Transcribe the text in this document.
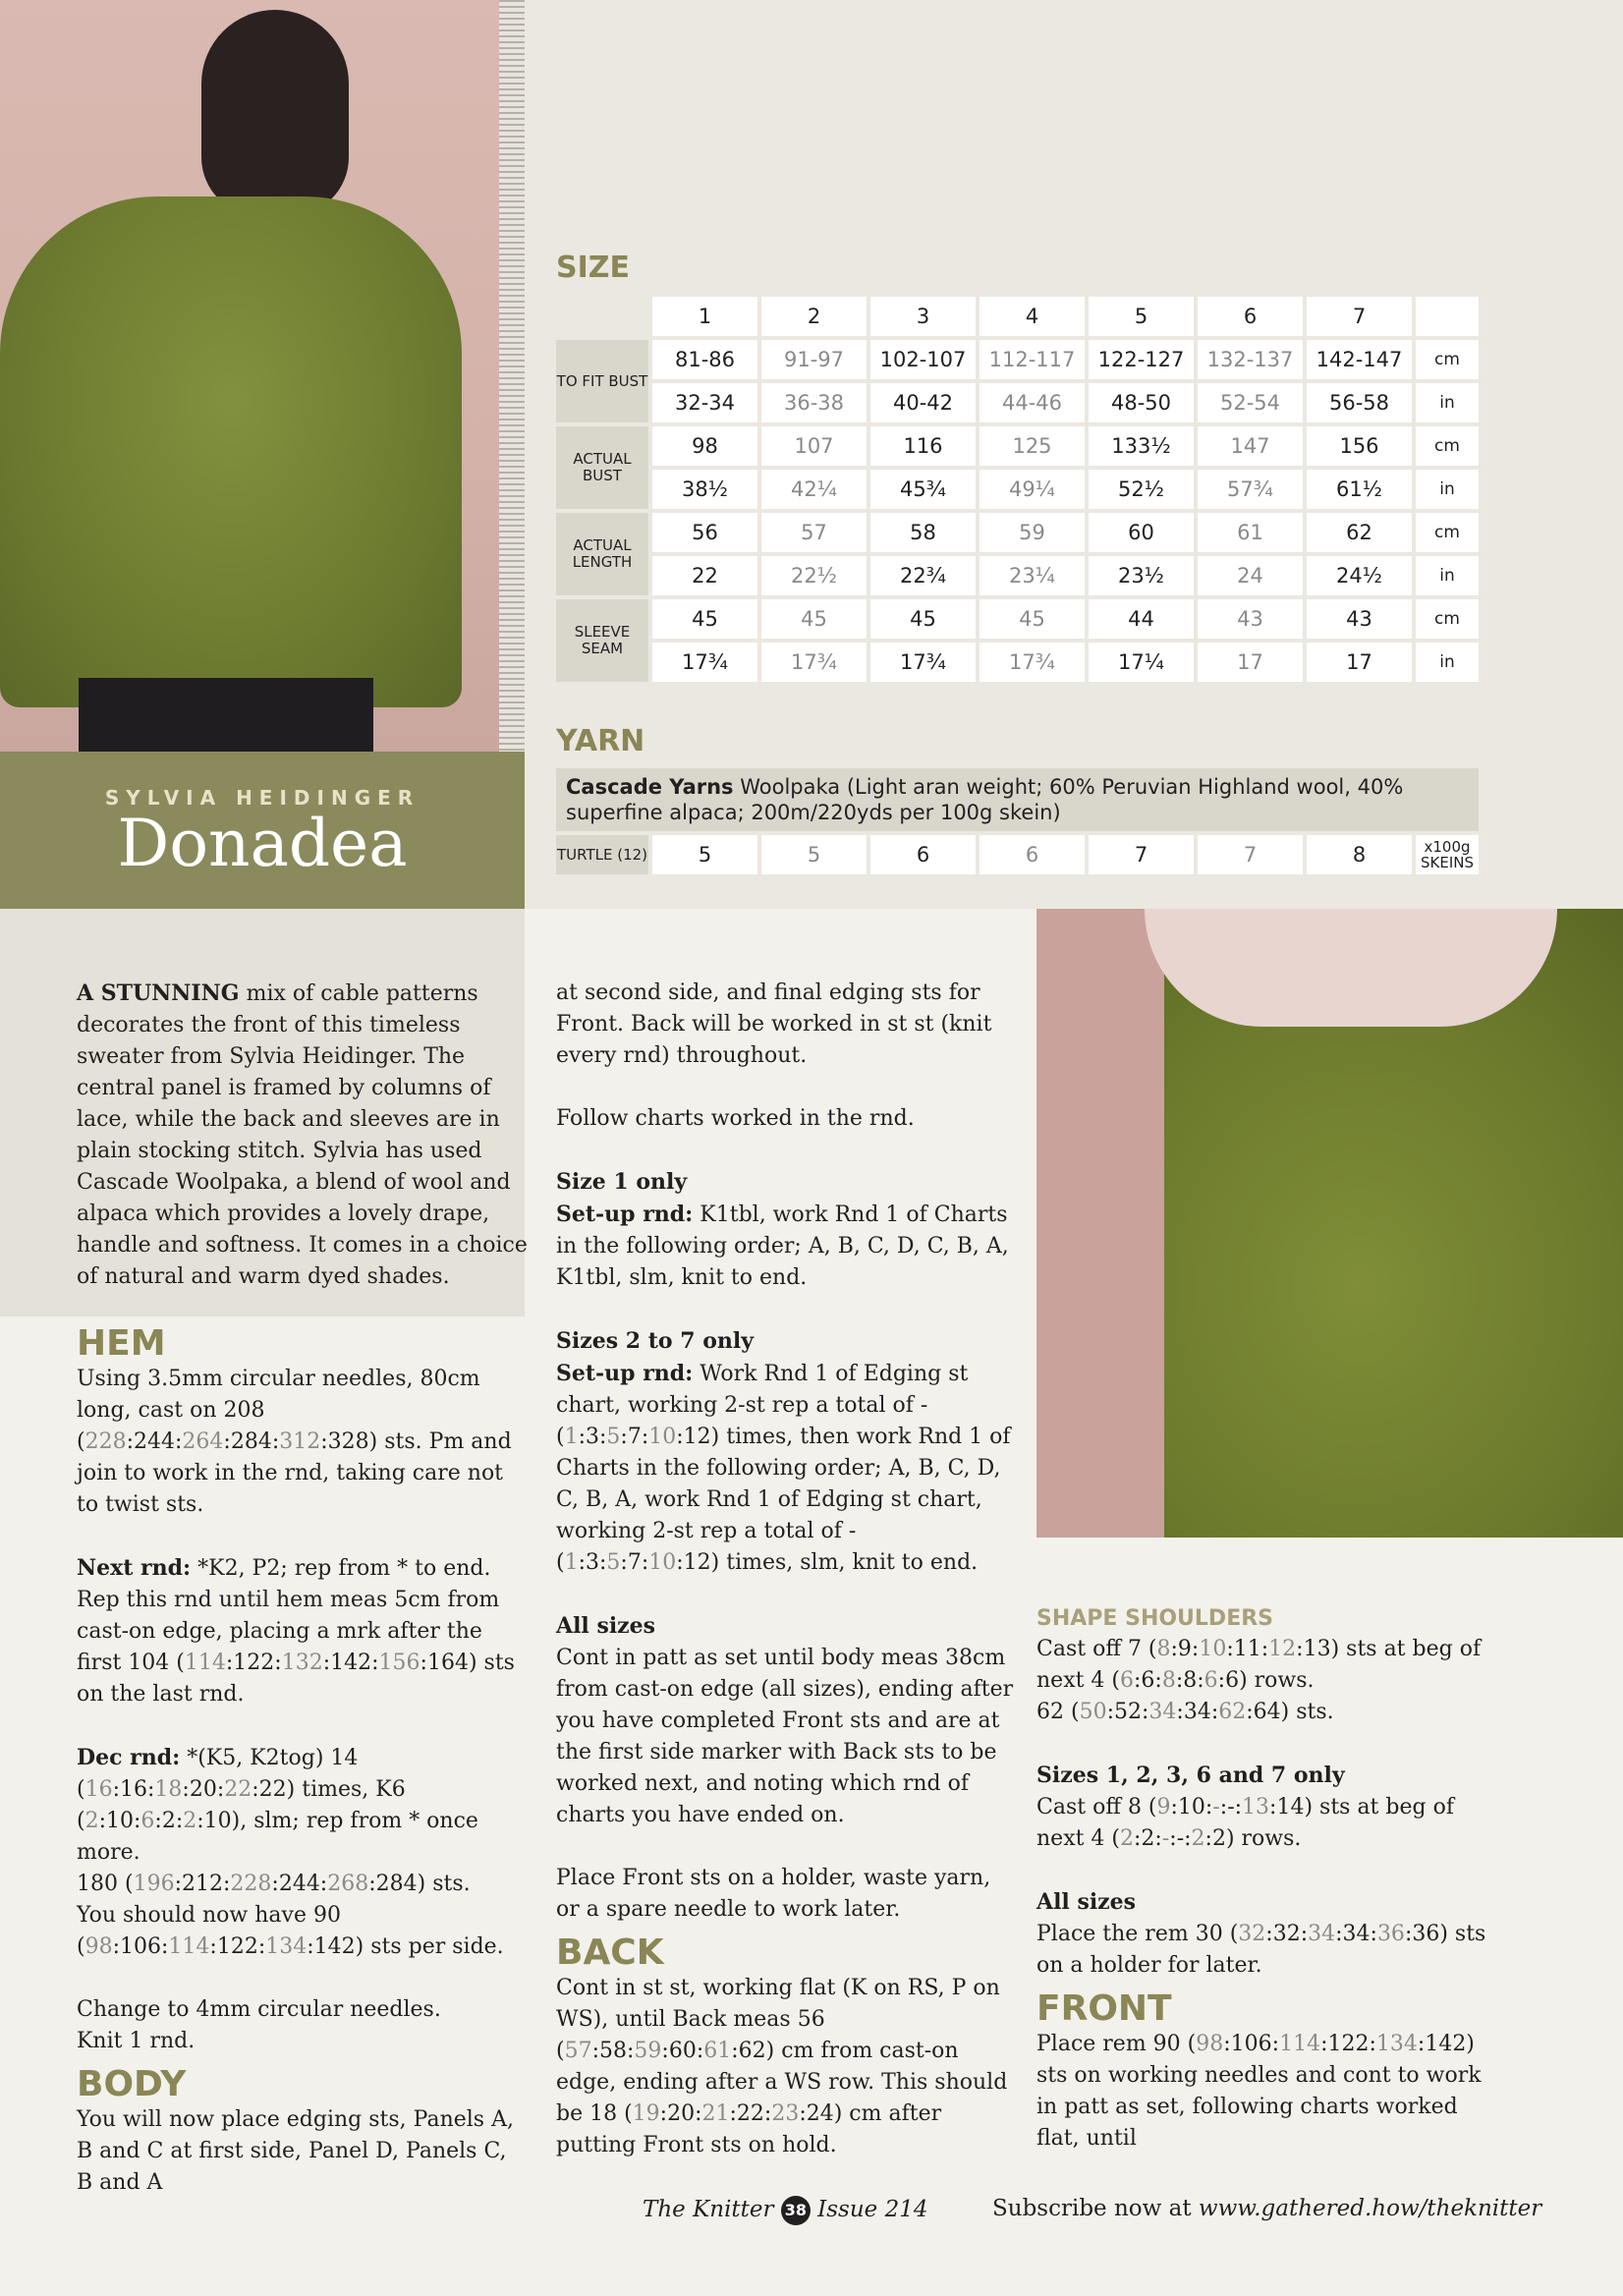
SYLVIA HEIDINGER
Donadea
SIZE
	1	2	3	4	5	6	7	
TO FIT BUST	81-86	91-97	102-107	112-117	122-127	132-137	142-147	cm
	32-34	36-38	40-42	44-46	48-50	52-54	56-58	in
ACTUAL BUST	98	107	116	125	133½	147	156	cm
	38½	42¼	45¾	49¼	52½	57¾	61½	in
ACTUAL LENGTH	56	57	58	59	60	61	62	cm
	22	22½	22¾	23¼	23½	24	24½	in
SLEEVE SEAM	45	45	45	45	44	43	43	cm
	17¾	17¾	17¾	17¾	17¼	17	17	in
YARN
Cascade Yarns Woolpaka (Light aran weight; 60% Peruvian Highland wool, 40% superfine alpaca; 200m/220yds per 100g skein)
TURTLE (12)	5	5	6	6	7	7	8	x100g SKEINS

A STUNNING mix of cable patterns decorates the front of this timeless sweater from Sylvia Heidinger. The central panel is framed by columns of lace, while the back and sleeves are in plain stocking stitch. Sylvia has used Cascade Woolpaka, a blend of wool and alpaca which provides a lovely drape, handle and softness. It comes in a choice of natural and warm dyed shades.

HEM

Using 3.5mm circular needles, 80cm long, cast on 208 (228:244:264:284:312:328) sts. Pm and join to work in the rnd, taking care not to twist sts.

Next rnd: *K2, P2; rep from * to end.
Rep this rnd until hem meas 5cm from cast-on edge, placing a mrk after the first 104 (114:122:132:142:156:164) sts on the last rnd.

Dec rnd: *(K5, K2tog) 14 (16:16:18:20:22:22) times, K6 (2:10:6:2:2:10), slm; rep from * once more.
180 (196:212:228:244:268:284) sts.
You should now have 90 (98:106:114:122:134:142) sts per side.

Change to 4mm circular needles.
Knit 1 rnd.

BODY

You will now place edging sts, Panels A, B and C at first side, Panel D, Panels C, B and A

at second side, and final edging sts for Front. Back will be worked in st st (knit every rnd) throughout.

Follow charts worked in the rnd.

Size 1 only
Set-up rnd: K1tbl, work Rnd 1 of Charts in the following order; A, B, C, D, C, B, A, K1tbl, slm, knit to end.

Sizes 2 to 7 only
Set-up rnd: Work Rnd 1 of Edging st chart, working 2-st rep a total of - (1:3:5:7:10:12) times, then work Rnd 1 of Charts in the following order; A, B, C, D, C, B, A, work Rnd 1 of Edging st chart, working 2-st rep a total of - (1:3:5:7:10:12) times, slm, knit to end.

All sizes
Cont in patt as set until body meas 38cm from cast-on edge (all sizes), ending after you have completed Front sts and are at the first side marker with Back sts to be worked next, and noting which rnd of charts you have ended on.

Place Front sts on a holder, waste yarn, or a spare needle to work later.

BACK

Cont in st st, working flat (K on RS, P on WS), until Back meas 56 (57:58:59:60:61:62) cm from cast-on edge, ending after a WS row. This should be 18 (19:20:21:22:23:24) cm after putting Front sts on hold.

SHAPE SHOULDERS

Cast off 7 (8:9:10:11:12:13) sts at beg of next 4 (6:6:8:8:6:6) rows.
62 (50:52:34:34:62:64) sts.

Sizes 1, 2, 3, 6 and 7 only
Cast off 8 (9:10:-:-:13:14) sts at beg of next 4 (2:2:-:-:2:2) rows.

All sizes
Place the rem 30 (32:32:34:34:36:36) sts on a holder for later.

FRONT

Place rem 90 (98:106:114:122:134:142) sts on working needles and cont to work in patt as set, following charts worked flat, until

The Knitter 38 Issue 214	Subscribe now at www.gathered.how/theknitter
